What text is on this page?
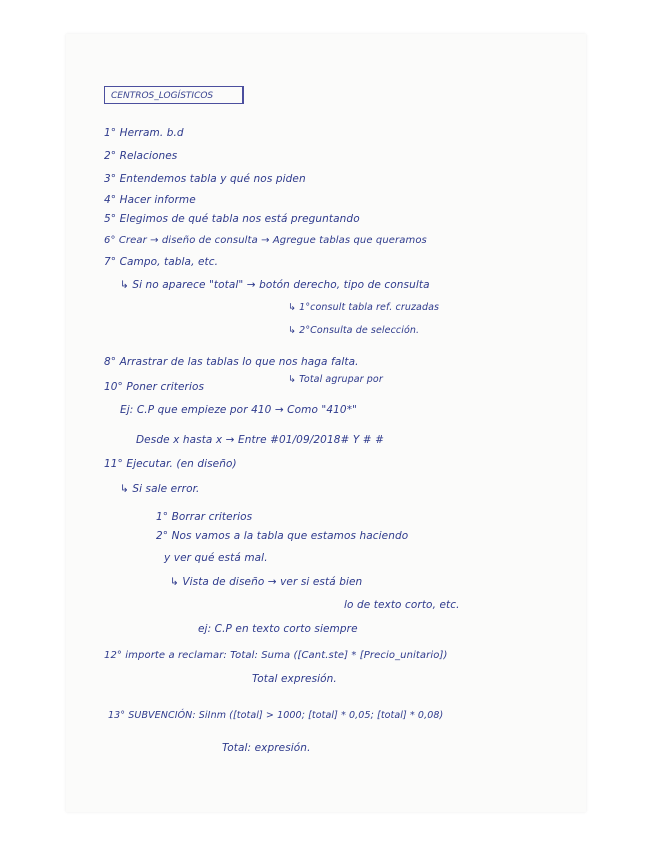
CENTROS_LOGÍSTICOS
1° Herram. b.d
2° Relaciones
3° Entendemos tabla y qué nos piden
4° Hacer informe
5° Elegimos de qué tabla nos está preguntando
6° Crear → diseño de consulta → Agregue tablas que queramos
7° Campo, tabla, etc.
↳ Si no aparece "total" → botón derecho, tipo de consulta
↳ 1°consult tabla ref. cruzadas
↳ 2°Consulta de selección.
8° Arrastrar de las tablas lo que nos haga falta.
↳ Total agrupar por
10° Poner criterios
Ej: C.P que empieze por 410 → Como "410*"
Desde x hasta x → Entre #01/09/2018# Y # #
11° Ejecutar. (en diseño)
↳ Si sale error.
1° Borrar criterios
2° Nos vamos a la tabla que estamos haciendo
y ver qué está mal.
↳ Vista de diseño → ver si está bien
lo de texto corto, etc.
ej: C.P en texto corto siempre
12° importe a reclamar: Total: Suma ([Cant.ste] * [Precio_unitario])
Total expresión.
13° SUBVENCIÓN: SiInm ([total] > 1000; [total] * 0,05; [total] * 0,08)
Total: expresión.
